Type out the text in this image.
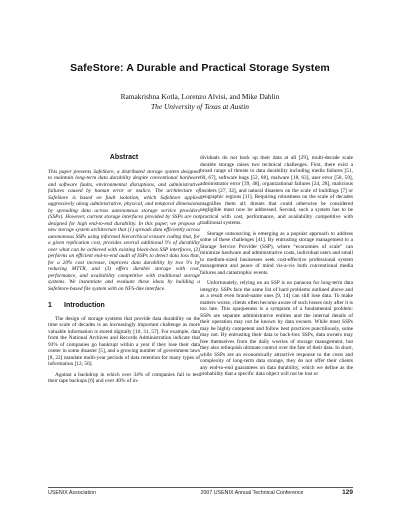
SafeStore: A Durable and Practical Storage System
Ramakrishna Kotla, Lorenzo Alvisi, and Mike Dahlin
The University of Texas at Austin
Abstract

This paper presents SafeStore, a distributed storage system designed to maintain long-term data durability despite conventional hardware and software faults, environmental disruptions, and administrative failures caused by human error or malice. The architecture of SafeStore is based on fault isolation, which SafeStore applies aggressively along administrative, physical, and temporal dimensions by spreading data across autonomous storage service providers (SSPs). However, current storage interfaces provided by SSPs are not designed for high end-to-end durability. In this paper, we propose a new storage system architecture that (1) spreads data efficiently across autonomous SSPs using informed hierarchical erasure coding that, for a given replication cost, provides several additional 9's of durability over what can be achieved with existing black-box SSP interfaces, (2) performs an efficient end-to-end audit of SSPs to detect data loss that, for a 20% cost increase, improves data durability by two 9's by reducing MTTR, and (3) offers durable storage with cost, performance, and availability competitive with traditional storage systems. We instantiate and evaluate these ideas by building a SafeStore-based file system with an NFS-like interface.

1 Introduction

The design of storage systems that provide data durability on the time scale of decades is an increasingly important challenge as more valuable information is stored digitally [10, 31, 57]. For example, data from the National Archives and Records Administration indicate that 93% of companies go bankrupt within a year if they lose their data center in some disaster [5], and a growing number of government laws [8, 22] mandate multi-year periods of data retention for many types of information [12, 50].

Against a backdrop in which over 34% of companies fail to test their tape backups [6] and over 40% of in-

dividuals do not back up their data at all [29], multi-decade scale durable storage raises two technical challenges. First, there exist a broad range of threats to data durability including media failures [51, 60, 67], software bugs [52, 68], malware [18, 63], user error [50, 59], administrator error [39, 48], organizational failures [24, 28], malicious insiders [27, 32], and natural disasters on the scale of buildings [7] or geographic regions [11]. Requiring robustness on the scale of decades magnifies them all: threats that could otherwise be considered negligible must now be addressed. Second, such a system has to be practical with cost, performance, and availability competitive with traditional systems.

Storage outsourcing is emerging as a popular approach to address some of these challenges [41]. By entrusting storage management to a Storage Service Provider (SSP), where “economies of scale” can minimize hardware and administrative costs, individual users and small to medium-sized businesses seek cost-effective professional system management and peace of mind vis-a-vis both conventional media failures and catastrophic events.

Unfortunately, relying on an SSP is no panacea for long-term data integrity. SSPs face the same list of hard problems outlined above and as a result even brand-name ones [9, 14] can still lose data. To make matters worse, clients often become aware of such losses only after it is too late. This opaqueness is a symptom of a fundamental problem: SSPs are separate administrative entities and the internal details of their operation may not be known by data owners. While most SSPs may be highly competent and follow best practices punctiliously, some may not. By entrusting their data to back-box SSPs, data owners may free themselves from the daily worries of storage management, but they also relinquish ultimate control over the fate of their data. In short, while SSPs are an economically attractive response to the costs and complexity of long-term data storage, they do not offer their clients any end-to-end guarantees on data durability, which we define as the probability that a specific data object will not be lost or

USENIX Association	2007 USENIX Annual Technical Conference	129
